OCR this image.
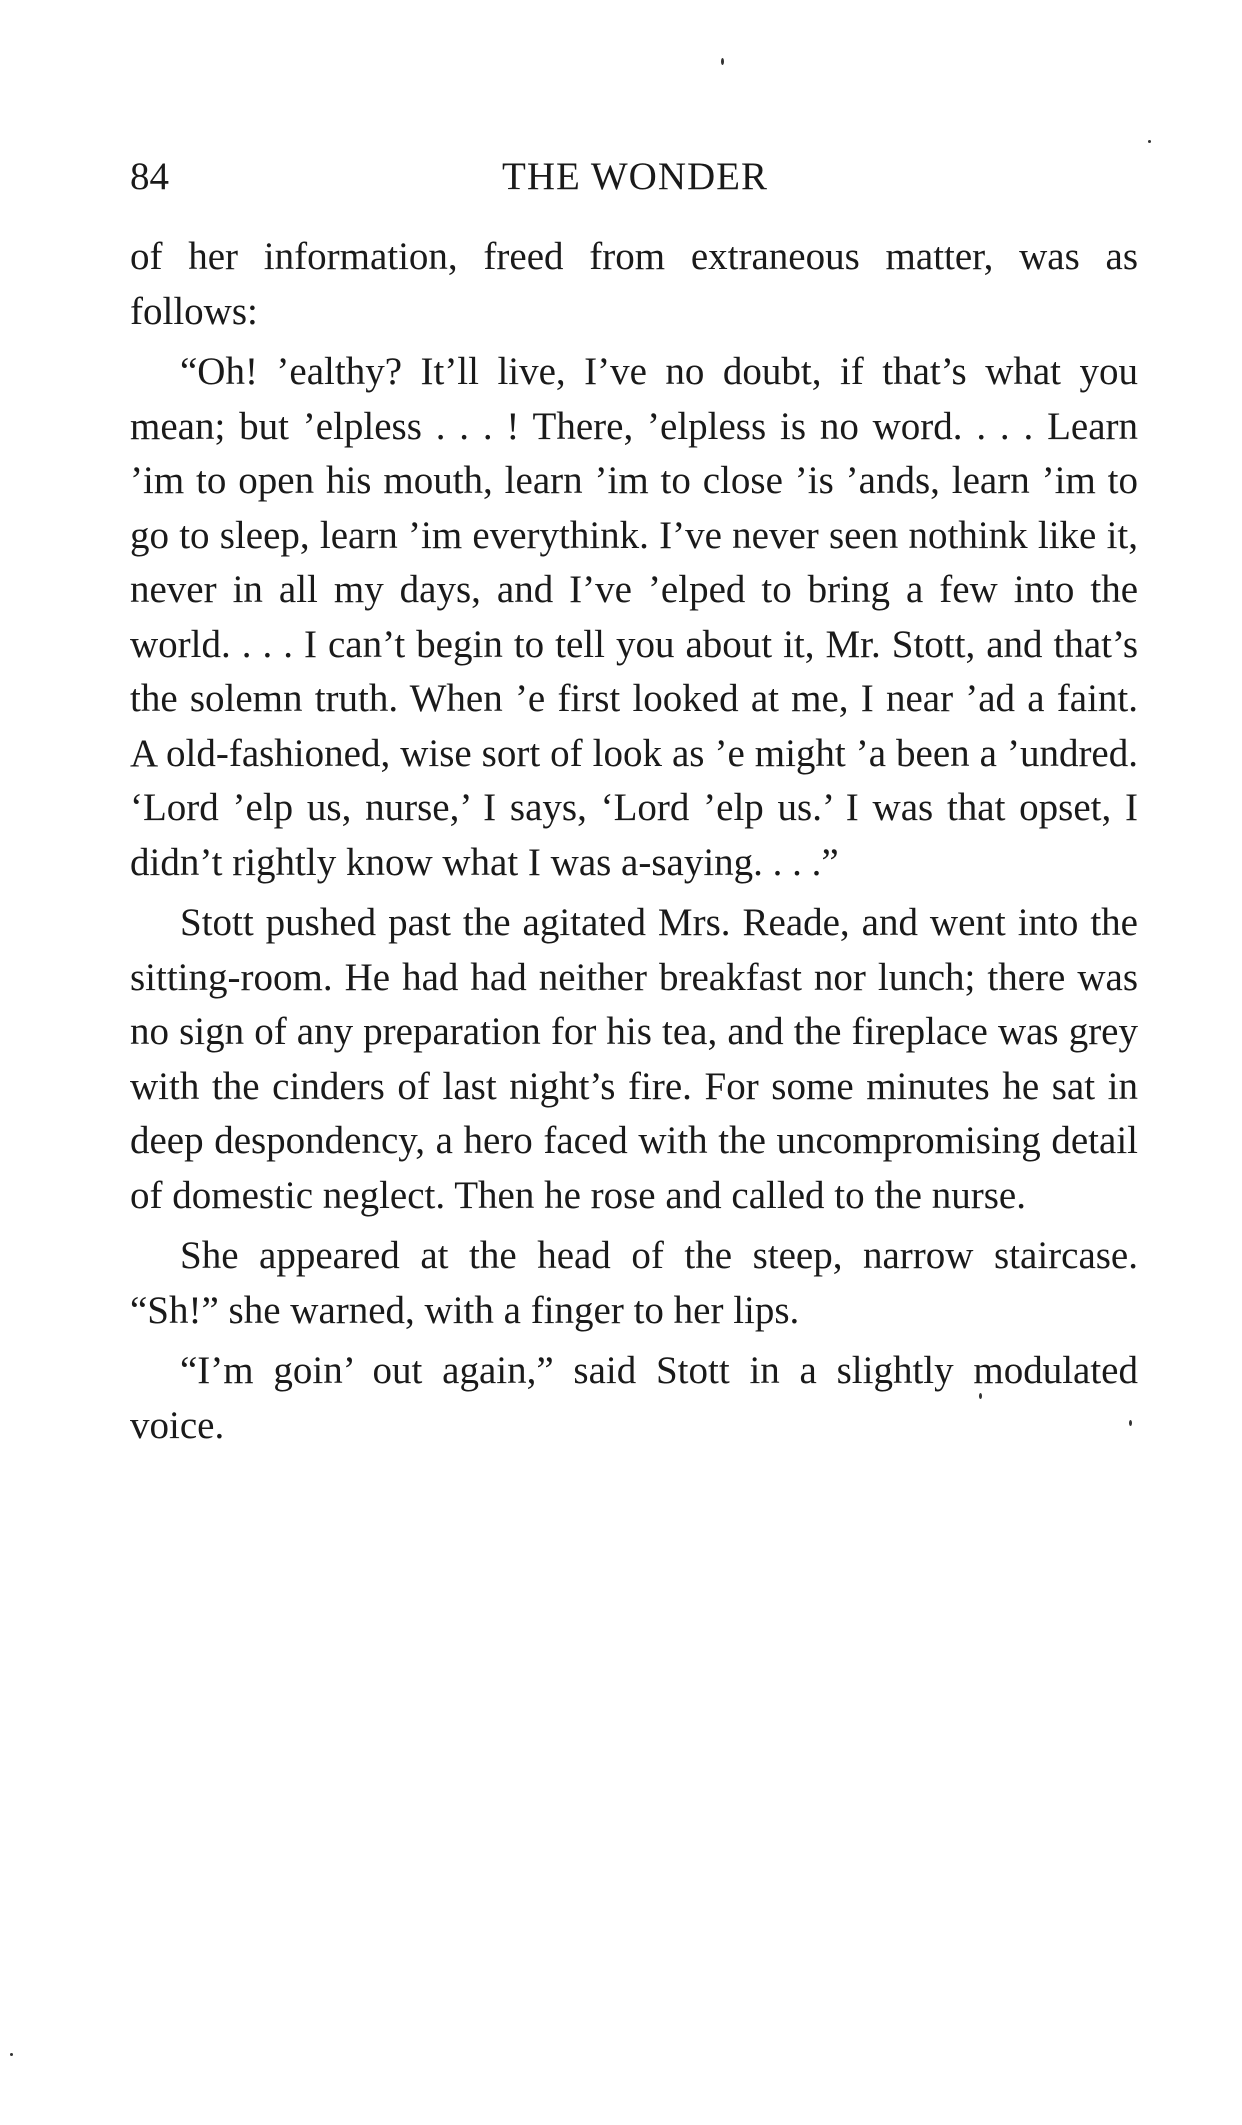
84	THE WONDER

of her information, freed from extraneous matter, was as follows:

“Oh! ’ealthy? It’ll live, I’ve no doubt, if that’s what you mean; but ’elpless . . . ! There, ’elpless is no word. . . . Learn ’im to open his mouth, learn ’im to close ’is ’ands, learn ’im to go to sleep, learn ’im everythink. I’ve never seen nothink like it, never in all my days, and I’ve ’elped to bring a few into the world. . . . I can’t begin to tell you about it, Mr. Stott, and that’s the solemn truth. When ’e first looked at me, I near ’ad a faint. A old-fashioned, wise sort of look as ’e might ’a been a ’undred. ‘Lord ’elp us, nurse,’ I says, ‘Lord ’elp us.’ I was that opset, I didn’t rightly know what I was a-saying. . . .”

Stott pushed past the agitated Mrs. Reade, and went into the sitting-room. He had had neither breakfast nor lunch; there was no sign of any preparation for his tea, and the fireplace was grey with the cinders of last night’s fire. For some minutes he sat in deep despondency, a hero faced with the uncompromising detail of domestic neglect. Then he rose and called to the nurse.

She appeared at the head of the steep, narrow staircase. “Sh!” she warned, with a finger to her lips.

“I’m goin’ out again,” said Stott in a slightly modulated voice.
